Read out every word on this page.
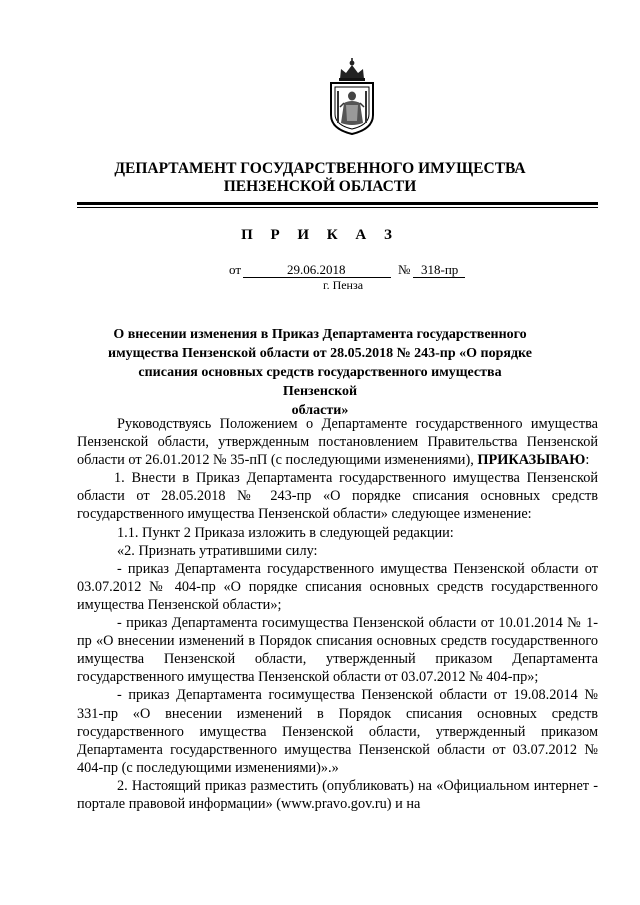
ДЕПАРТАМЕНТ ГОСУДАРСТВЕННОГО ИМУЩЕСТВА
ПЕНЗЕНСКОЙ ОБЛАСТИ
П Р И К А З
от	29.06.2018	№ 318-пр
г. Пенза
О внесении изменения в Приказ Департамента государственного
имущества Пензенской области от 28.05.2018 № 243-пр «О порядке
списания основных средств государственного имущества Пензенской
области»

Руководствуясь Положением о Департаменте государственного имущества Пензенской области, утвержденным постановлением Правительства Пензенской области от 26.01.2012 № 35-пП (с последующими изменениями), ПРИКАЗЫВАЮ:

1. Внести в Приказ Департамента государственного имущества Пензенской области от 28.05.2018 № 243-пр «О порядке списания основных средств государственного имущества Пензенской области» следующее изменение:

1.1. Пункт 2 Приказа изложить в следующей редакции:

«2. Признать утратившими силу:

- приказ Департамента государственного имущества Пензенской области от 03.07.2012 № 404-пр «О порядке списания основных средств государственного имущества Пензенской области»;

- приказ Департамента госимущества Пензенской области от 10.01.2014 № 1-пр «О внесении изменений в Порядок списания основных средств государственного имущества Пензенской области, утвержденный приказом Департамента государственного имущества Пензенской области от 03.07.2012 № 404-пр»;

- приказ Департамента госимущества Пензенской области от 19.08.2014 № 331-пр «О внесении изменений в Порядок списания основных средств государственного имущества Пензенской области, утвержденный приказом Департамента государственного имущества Пензенской области от 03.07.2012 № 404-пр (с последующими изменениями)».»

2. Настоящий приказ разместить (опубликовать) на «Официальном интернет - портале правовой информации» (www.pravo.gov.ru) и на
